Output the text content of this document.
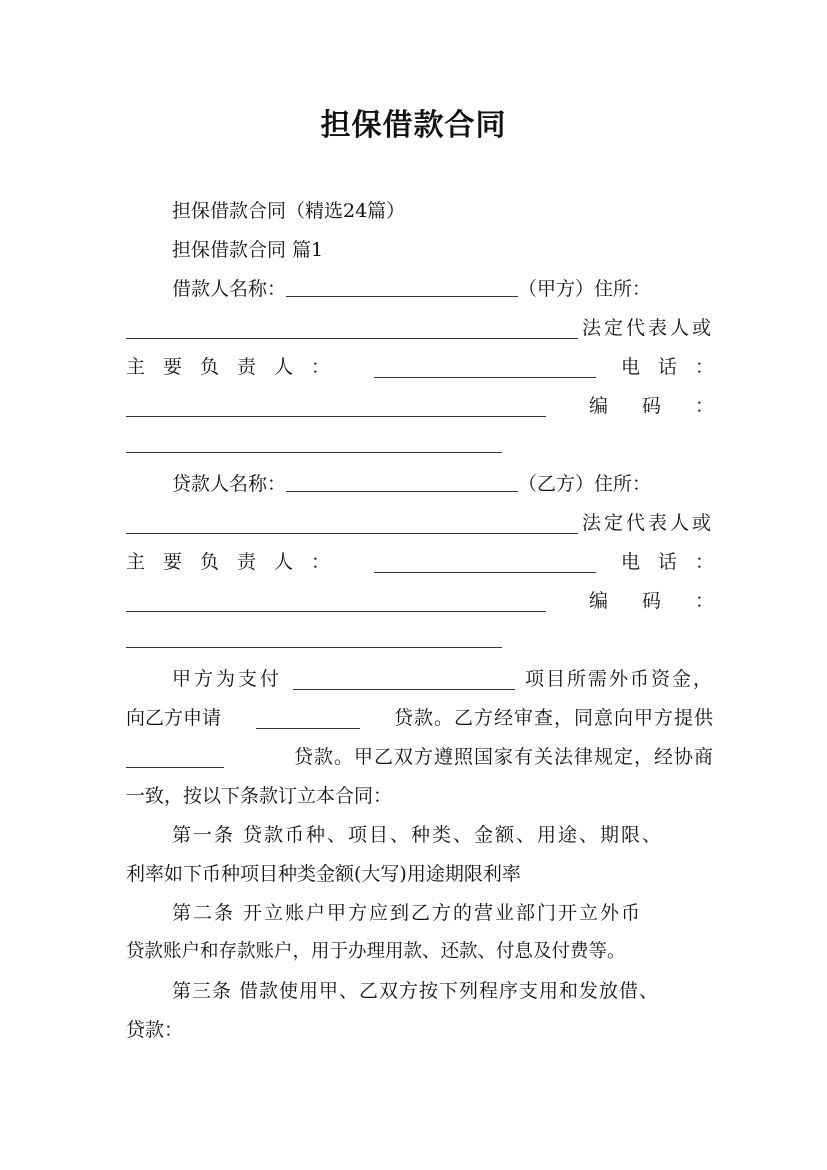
担保借款合同
担保借款合同（精选24篇）
担保借款合同 篇1
借款人名称：	（甲方）住所：
法定代表人或
主要负责人：	电话：
编码：
贷款人名称：	（乙方）住所：
法定代表人或
主要负责人：	电话：
编码：
甲方为支付	项目所需外币资金，
向乙方申请	贷款。乙方经审查，同意向甲方提供
贷款。甲乙双方遵照国家有关法律规定，经协商
一致，按以下条款订立本合同：
第一条 贷款币种、项目、种类、金额、用途、期限、
利率如下币种项目种类金额(大写)用途期限利率
第二条 开立账户甲方应到乙方的营业部门开立外币
贷款账户和存款账户，用于办理用款、还款、付息及付费等。
第三条 借款使用甲、乙双方按下列程序支用和发放借、
贷款：
